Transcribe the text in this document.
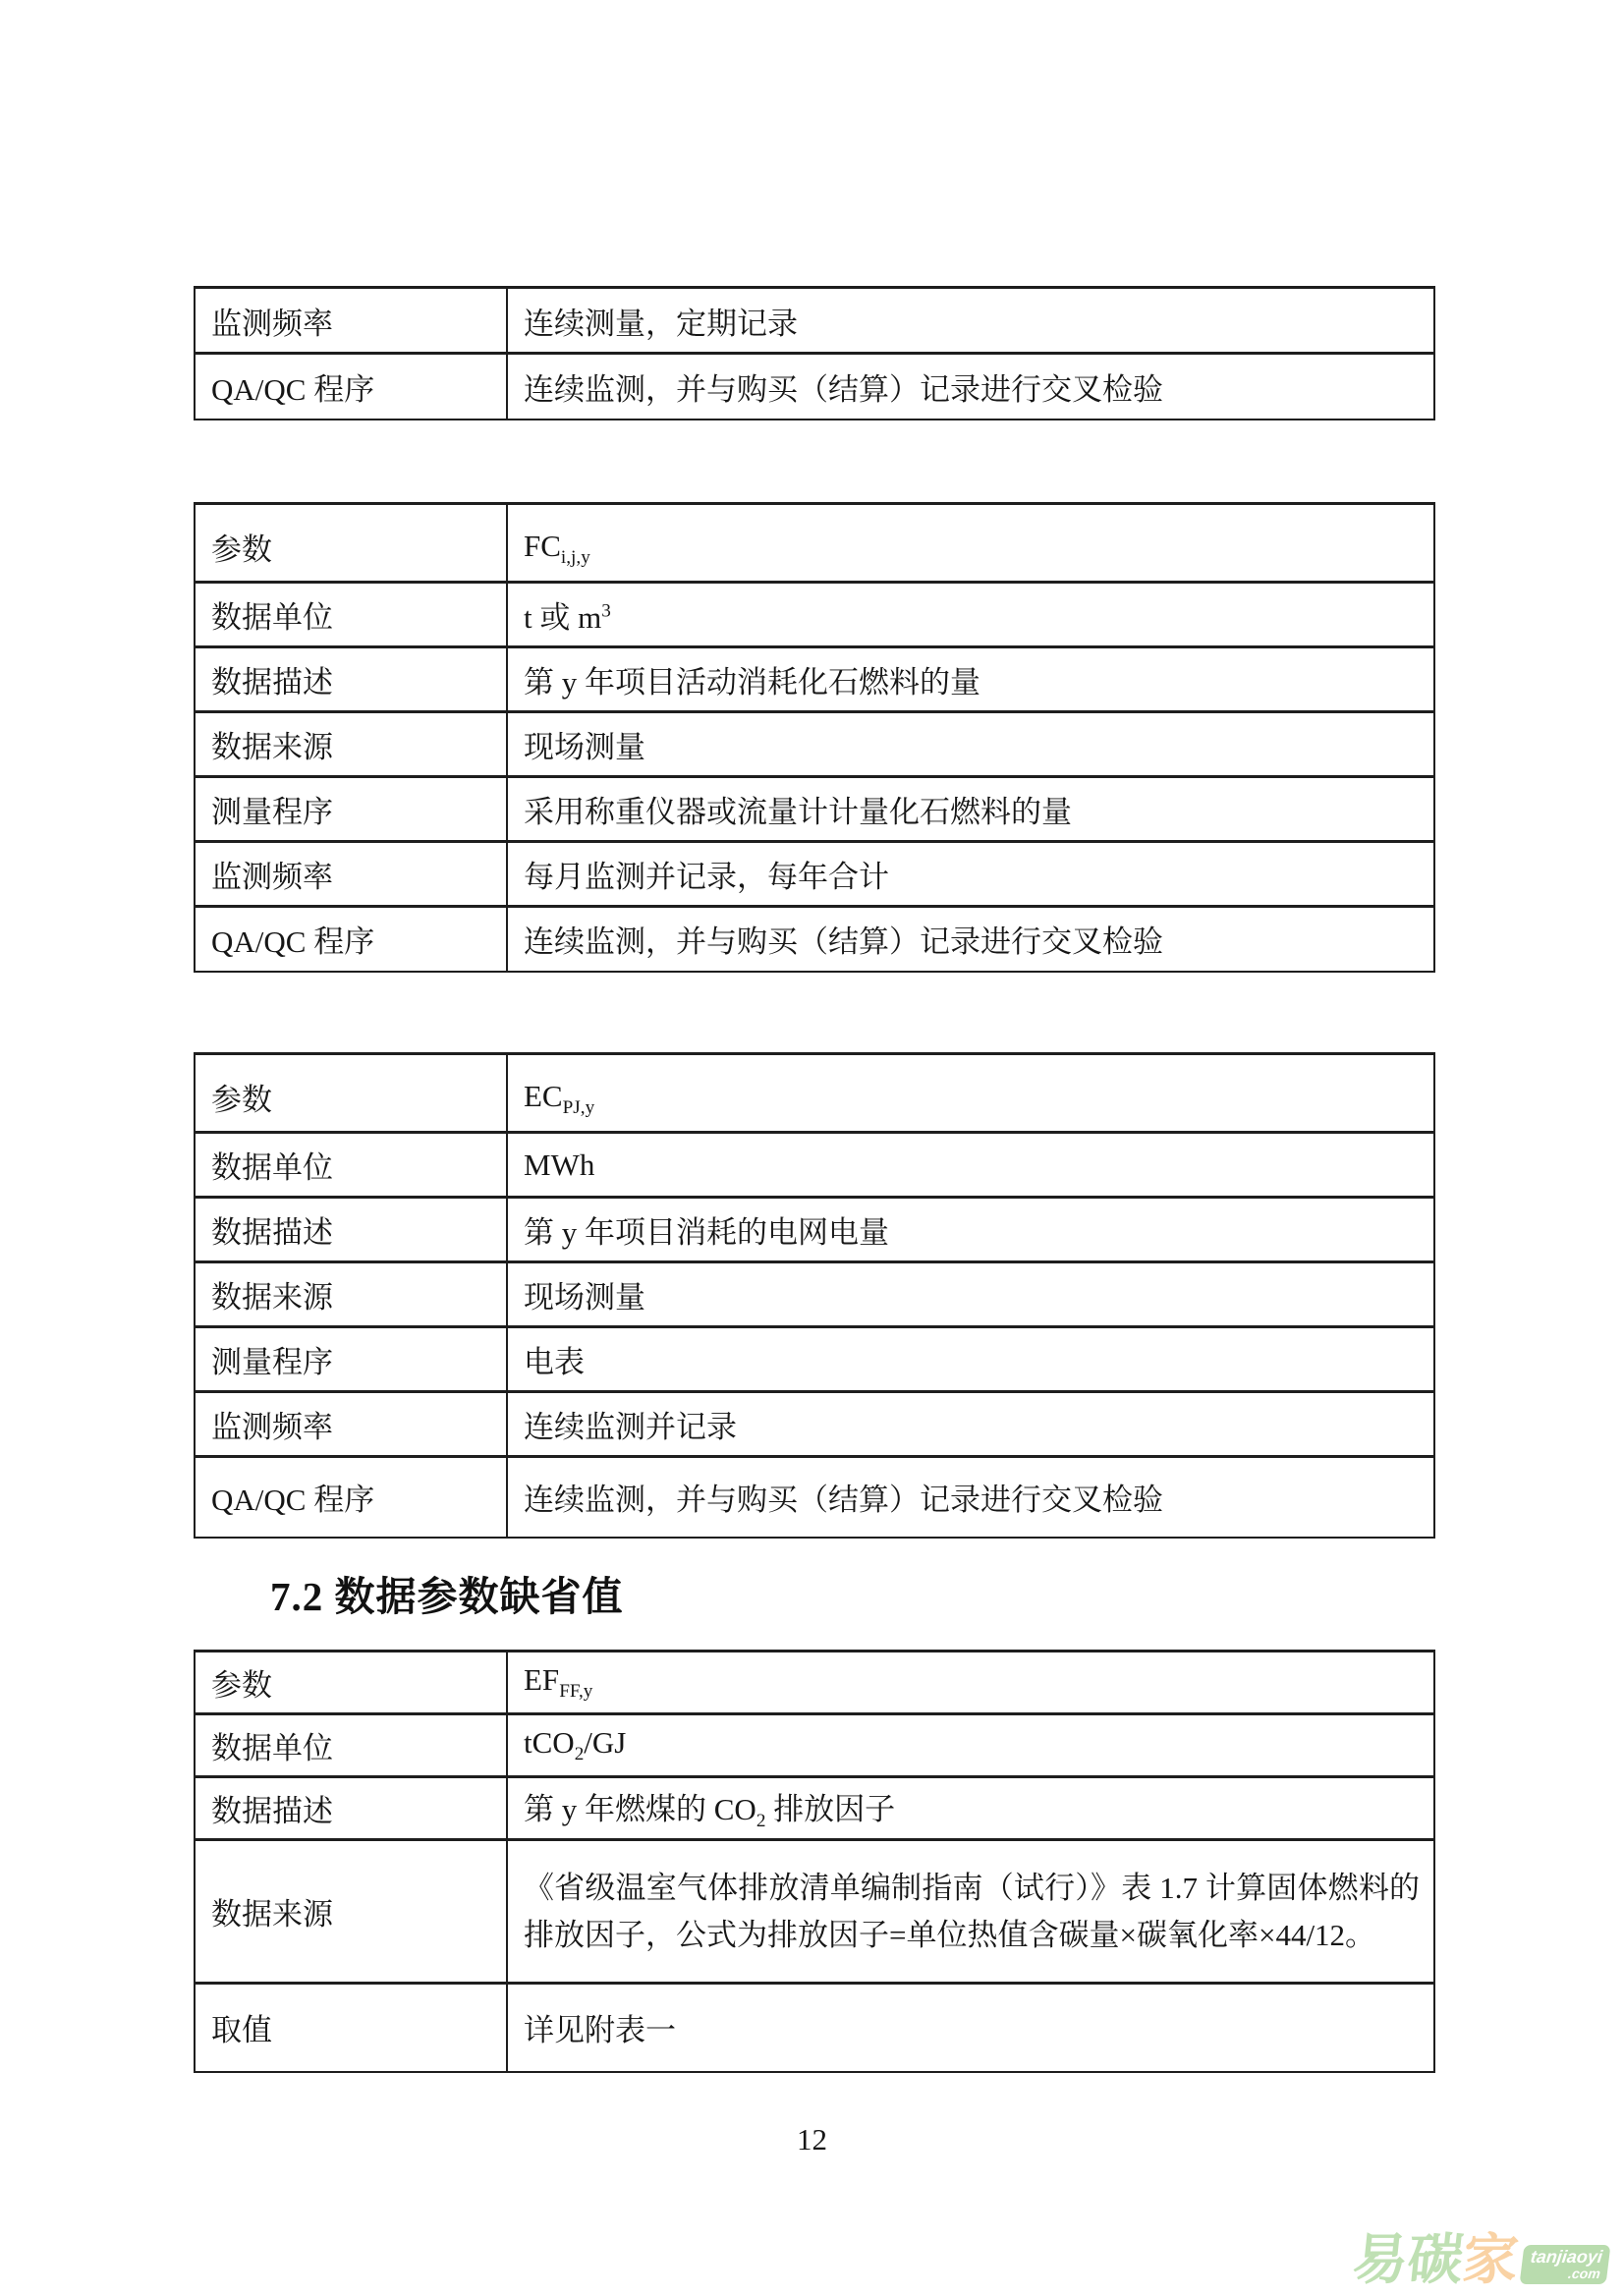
监测频率	连续测量，定期记录
QA/QC 程序	连续监测，并与购买（结算）记录进行交叉检验
参数	$FC_{i,j,y}$
数据单位	t 或 $m^3$
数据描述	第 y 年项目活动消耗化石燃料的量
数据来源	现场测量
测量程序	采用称重仪器或流量计计量化石燃料的量
监测频率	每月监测并记录，每年合计
QA/QC 程序	连续监测，并与购买（结算）记录进行交叉检验
参数	$EC_{PJ,y}$
数据单位	MWh
数据描述	第 y 年项目消耗的电网电量
数据来源	现场测量
测量程序	电表
监测频率	连续监测并记录
QA/QC 程序	连续监测，并与购买（结算）记录进行交叉检验
7.2 数据参数缺省值
参数	$EF_{FF,y}$
数据单位	tCO$_2$/GJ
数据描述	第 y 年燃煤的 $CO_2$ 排放因子
数据来源	《省级温室气体排放清单编制指南（试行）》表 1.7 计算固体燃料的排放因子，公式为排放因子=单位热值含碳量×碳氧化率×44/12。
取值	详见附表一
12
易
碳
家 tanjiaoyi
.com
